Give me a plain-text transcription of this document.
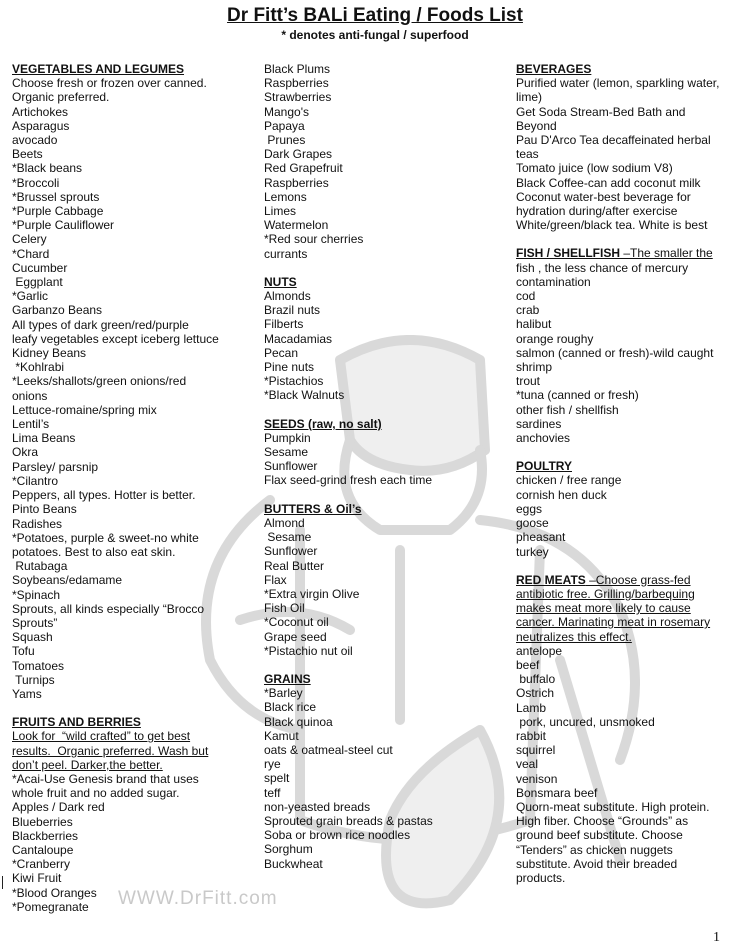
Dr Fitt’s BALi Eating / Foods List
* denotes anti-fungal / superfood
VEGETABLES AND LEGUMES
Choose fresh or frozen over canned.
Organic preferred.
Artichokes
Asparagus
avocado
Beets
*Black beans
*Broccoli
*Brussel sprouts
*Purple Cabbage
*Purple Cauliflower
Celery
*Chard
Cucumber
Eggplant
*Garlic
Garbanzo Beans
All types of dark green/red/purple
leafy vegetables except iceberg lettuce
Kidney Beans
*Kohlrabi
*Leeks/shallots/green onions/red
onions
Lettuce-romaine/spring mix
Lentil’s
Lima Beans
Okra
Parsley/ parsnip
*Cilantro
Peppers, all types. Hotter is better.
Pinto Beans
Radishes
*Potatoes, purple & sweet-no white
potatoes. Best to also eat skin.
Rutabaga
Soybeans/edamame
*Spinach
Sprouts, all kinds especially “Brocco
Sprouts”
Squash
Tofu
Tomatoes
Turnips
Yams
FRUITS AND BERRIES
Look for  “wild crafted” to get best
results.  Organic preferred. Wash but
don’t peel. Darker,the better.
*Acai-Use Genesis brand that uses
whole fruit and no added sugar.
Apples / Dark red
Blueberries
Blackberries
Cantaloupe
*Cranberry
Kiwi Fruit
*Blood Oranges
*Pomegranate
Black Plums
Raspberries
Strawberries
Mango's
Papaya
Prunes
Dark Grapes
Red Grapefruit
Raspberries
Lemons
Limes
Watermelon
*Red sour cherries
currants
NUTS
Almonds
Brazil nuts
Filberts
Macadamias
Pecan
Pine nuts
*Pistachios
*Black Walnuts
SEEDS (raw, no salt)
Pumpkin
Sesame
Sunflower
Flax seed-grind fresh each time
BUTTERS & Oil’s
Almond
Sesame
Sunflower
Real Butter
Flax
*Extra virgin Olive
Fish Oil
*Coconut oil
Grape seed
*Pistachio nut oil
GRAINS
*Barley
Black rice
Black quinoa
Kamut
oats & oatmeal-steel cut
rye
spelt
teff
non-yeasted breads
Sprouted grain breads & pastas
Soba or brown rice noodles
Sorghum
Buckwheat
BEVERAGES
Purified water (lemon, sparkling water,
lime)
Get Soda Stream-Bed Bath and
Beyond
Pau D'Arco Tea decaffeinated herbal
teas
Tomato juice (low sodium V8)
Black Coffee-can add coconut milk
Coconut water-best beverage for
hydration during/after exercise
White/green/black tea. White is best
FISH / SHELLFISH –The smaller the
fish , the less chance of mercury
contamination
cod
crab
halibut
orange roughy
salmon (canned or fresh)-wild caught
shrimp
trout
*tuna (canned or fresh)
other fish / shellfish
sardines
anchovies
POULTRY
chicken / free range
cornish hen duck
eggs
goose
pheasant
turkey
RED MEATS –Choose grass-fed
antibiotic free. Grilling/barbequing
makes meat more likely to cause
cancer. Marinating meat in rosemary
neutralizes this effect.
antelope
beef
buffalo
Ostrich
Lamb
pork, uncured, unsmoked
rabbit
squirrel
veal
venison
Bonsmara beef
Quorn-meat substitute. High protein.
High fiber. Choose “Grounds” as
ground beef substitute. Choose
“Tenders” as chicken nuggets
substitute. Avoid their breaded
products.
WWW.DrFitt.com
1
